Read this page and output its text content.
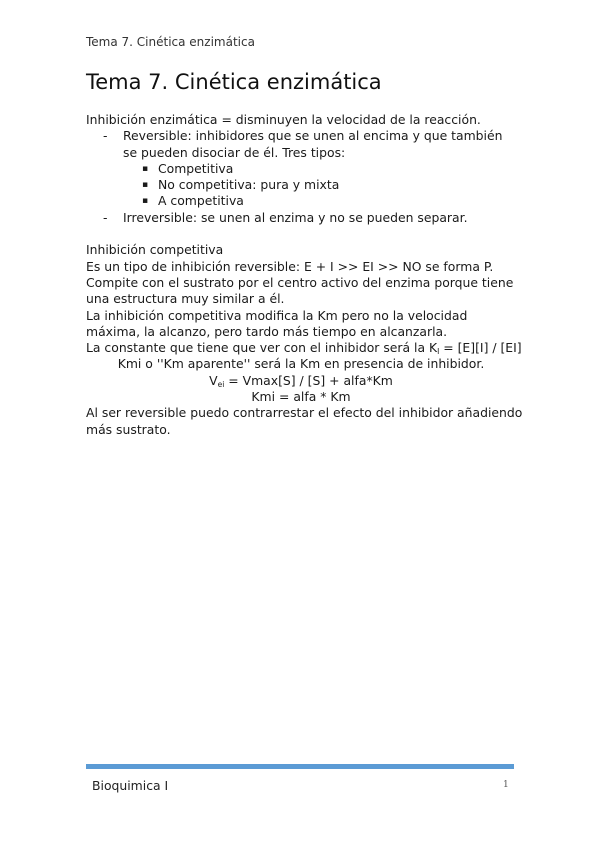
Tema 7. Cinética enzimática
Tema 7. Cinética enzimática
Inhibición enzimática = disminuyen la velocidad de la reacción.
-	Reversible: inhibidores que se unen al encima y que también se pueden disociar de él. Tres tipos:
▪ Competitiva
▪ No competitiva: pura y mixta
▪ A competitiva
-	Irreversible: se unen al enzima y no se pueden separar.
Inhibición competitiva
Es un tipo de inhibición reversible: E + I >> EI >> NO se forma P.
Compite con el sustrato por el centro activo del enzima porque tiene
una estructura muy similar a él.
La inhibición competitiva modifica la Km pero no la velocidad
máxima, la alcanzo, pero tardo más tiempo en alcanzarla.
La constante que tiene que ver con el inhibidor será la $K_I = [E][I] / [EI]$
Kmi o ''Km aparente'' será la Km en presencia de inhibidor.
$V_{ei} = Vmax[S] / [S]$ + alfa*Km
Kmi = alfa * Km
Al ser reversible puedo contrarrestar el efecto del inhibidor añadiendo
más sustrato.
Bioquimica I	1
